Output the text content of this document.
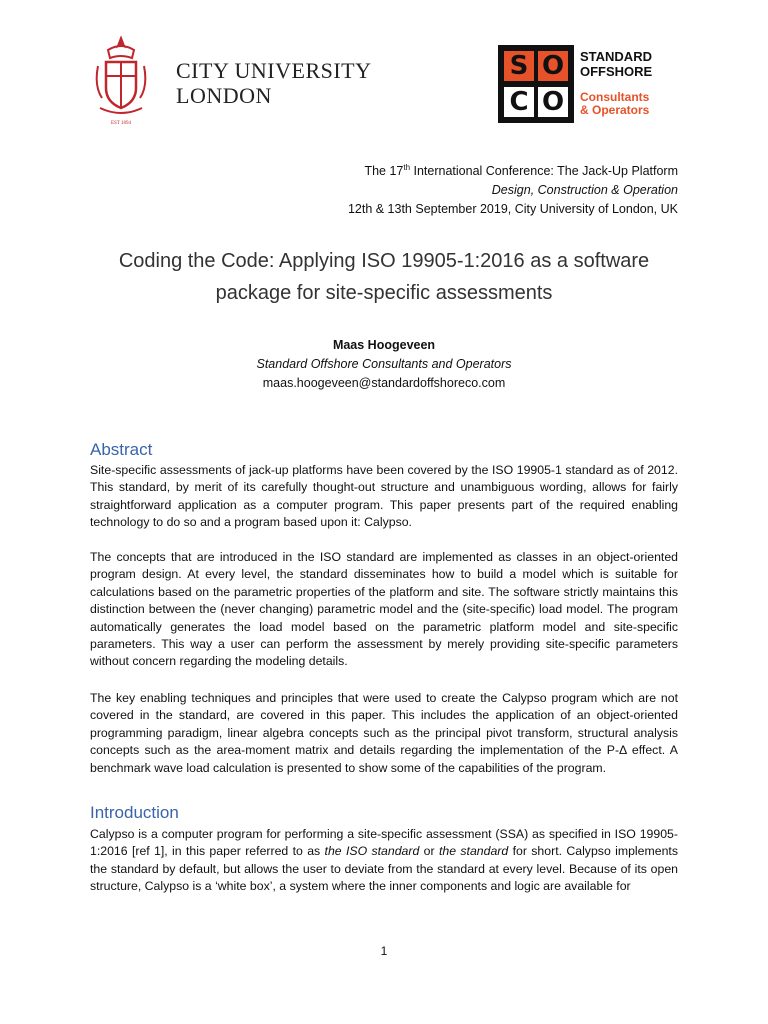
EST 1894
CITY UNIVERSITY
LONDON
S O
C O
STANDARD
OFFSHORE
Consultants
& Operators
The 17th International Conference: The Jack-Up Platform
Design, Construction & Operation
12th & 13th September 2019, City University of London, UK
Coding the Code: Applying ISO 19905-1:2016 as a software
package for site-specific assessments
Maas Hoogeveen
Standard Offshore Consultants and Operators
maas.hoogeveen@standardoffshoreco.com
Abstract
Site-specific assessments of jack-up platforms have been covered by the ISO 19905-1 standard as of 2012. This standard, by merit of its carefully thought-out structure and unambiguous wording, allows for fairly straightforward application as a computer program. This paper presents part of the required enabling technology to do so and a program based upon it: Calypso.
The concepts that are introduced in the ISO standard are implemented as classes in an object-oriented program design. At every level, the standard disseminates how to build a model which is suitable for calculations based on the parametric properties of the platform and site. The software strictly maintains this distinction between the (never changing) parametric model and the (site-specific) load model. The program automatically generates the load model based on the parametric platform model and site-specific parameters. This way a user can perform the assessment by merely providing site-specific parameters without concern regarding the modeling details.
The key enabling techniques and principles that were used to create the Calypso program which are not covered in the standard, are covered in this paper. This includes the application of an object-oriented programming paradigm, linear algebra concepts such as the principal pivot transform, structural analysis concepts such as the area-moment matrix and details regarding the implementation of the P-Δ effect. A benchmark wave load calculation is presented to show some of the capabilities of the program.
Introduction
Calypso is a computer program for performing a site-specific assessment (SSA) as specified in ISO 19905-1:2016 [ref 1], in this paper referred to as the ISO standard or the standard for short. Calypso implements the standard by default, but allows the user to deviate from the standard at every level. Because of its open structure, Calypso is a ‘white box’, a system where the inner components and logic are available for
1
